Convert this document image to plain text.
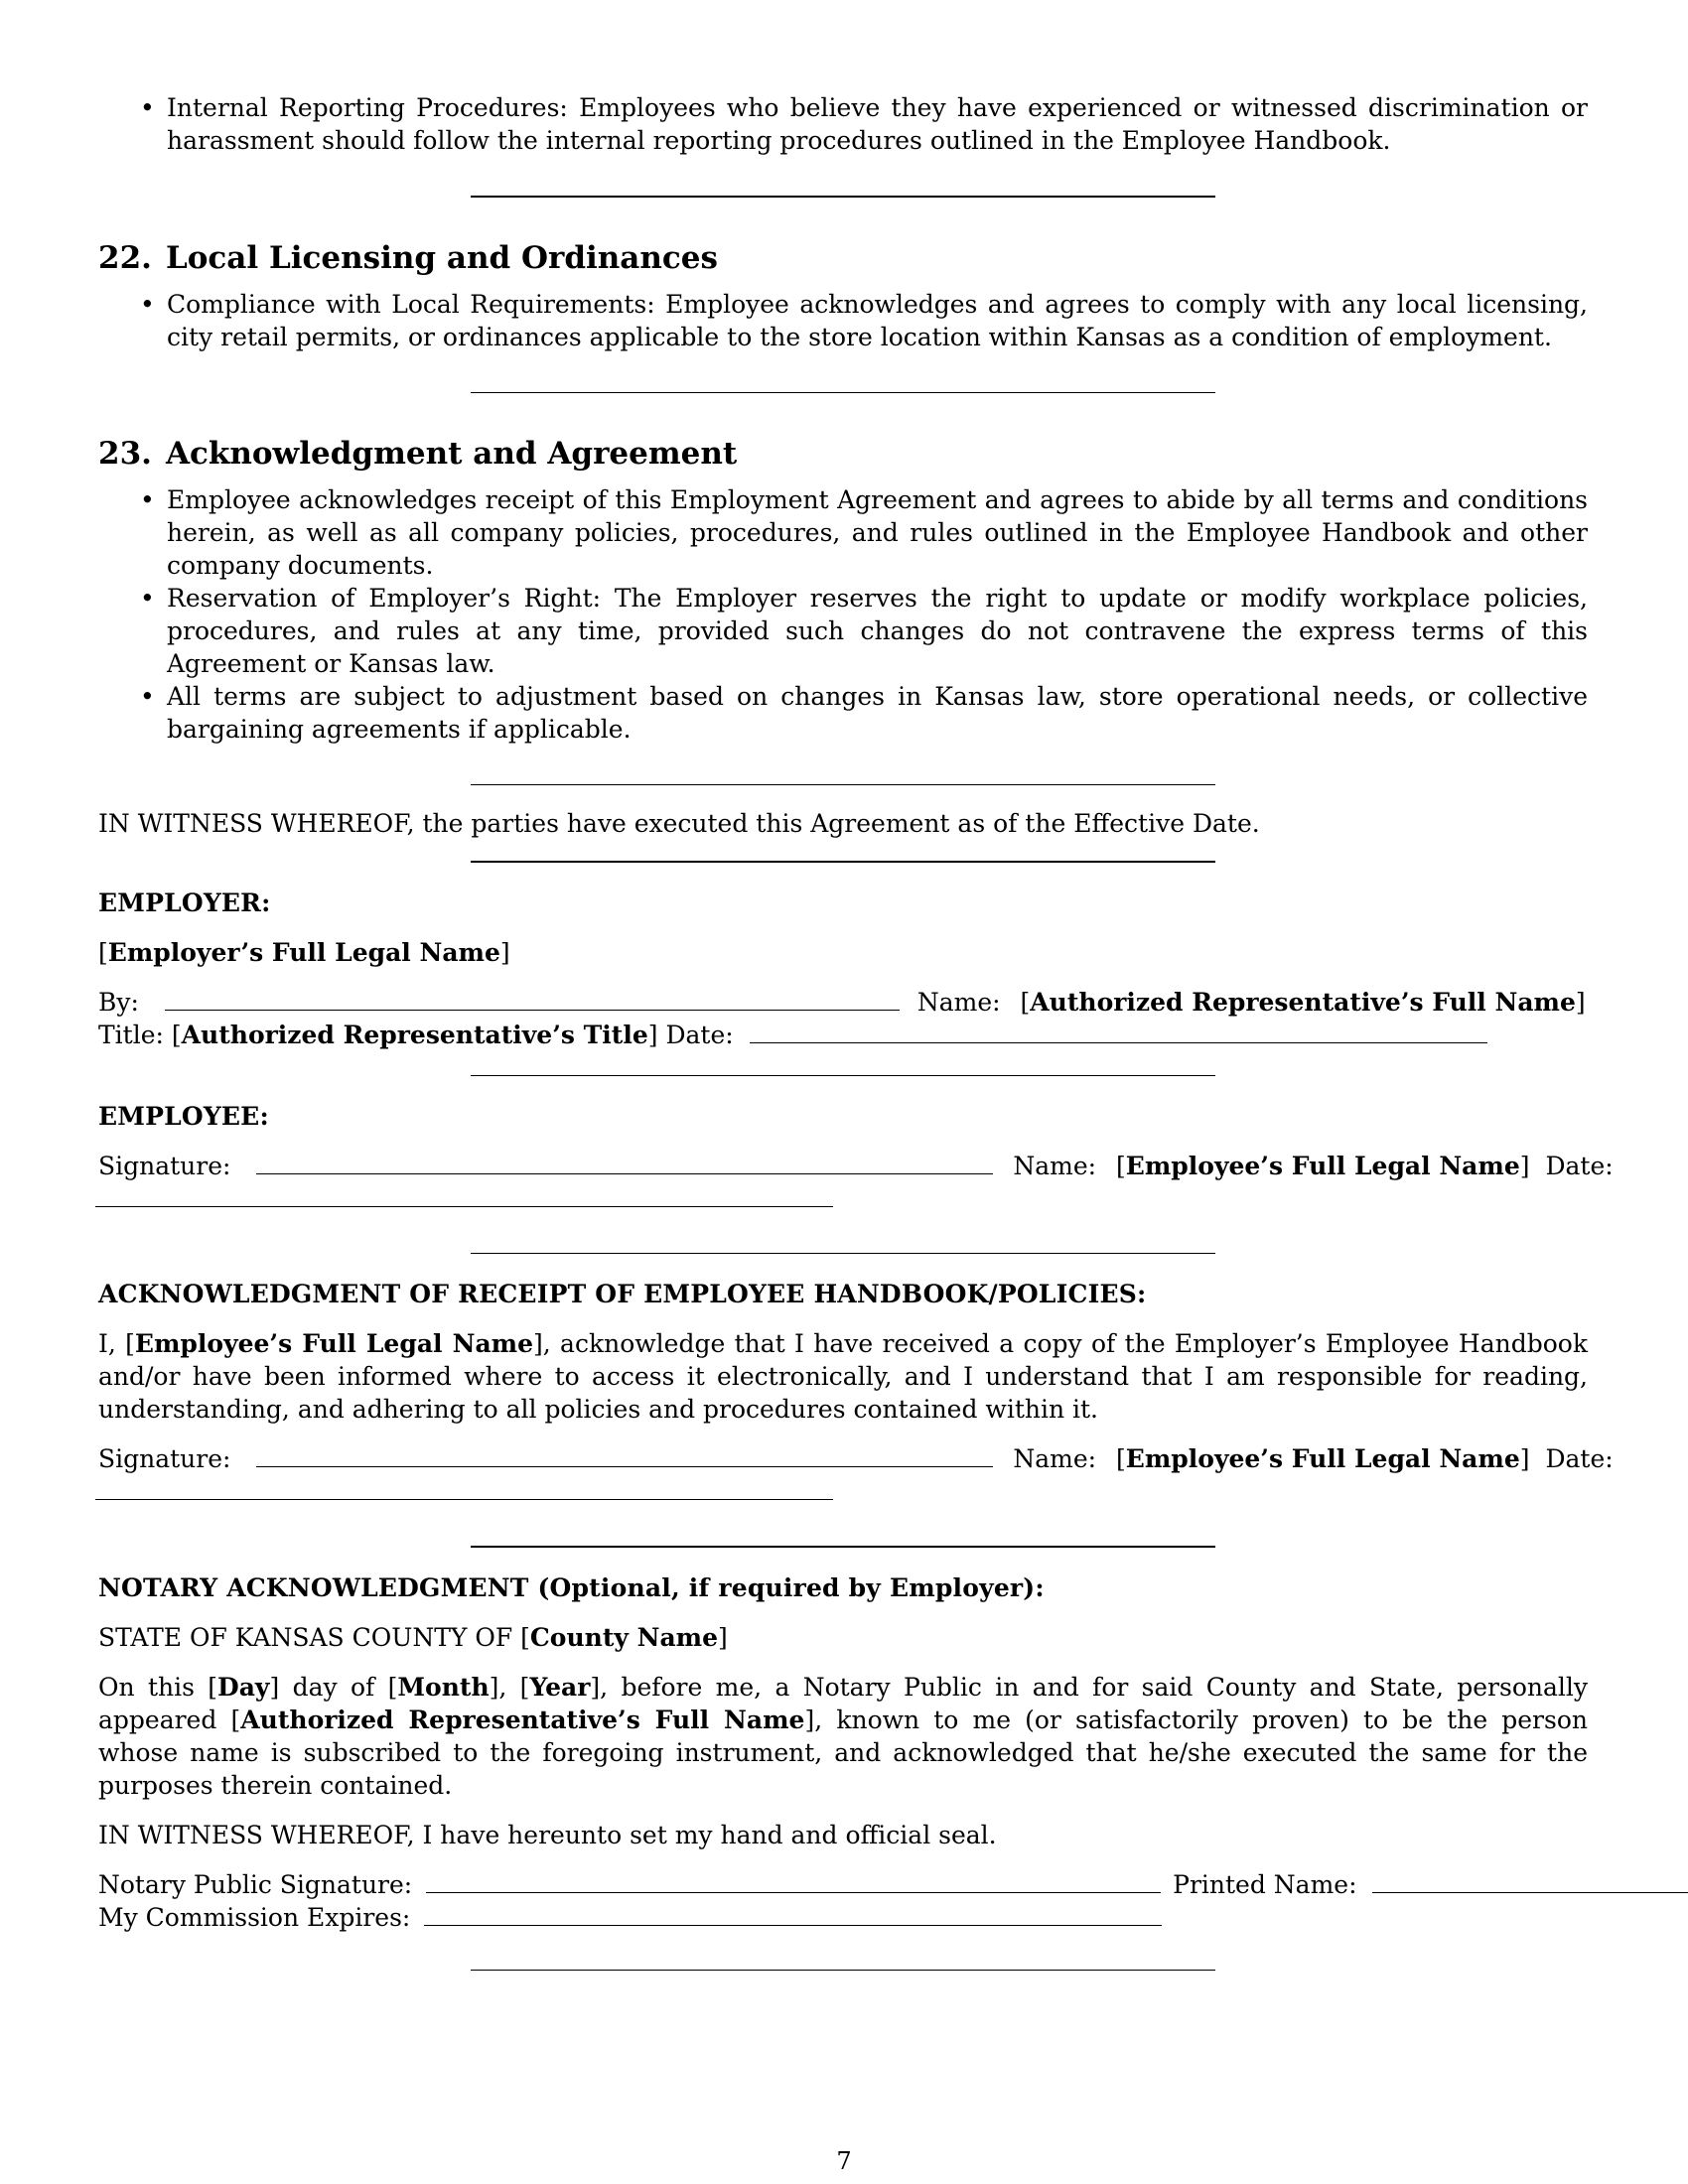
• Internal Reporting Procedures: Employees who believe they have experienced or witnessed discrimination or harassment should follow the internal reporting procedures outlined in the Employee Handbook.
22. Local Licensing and Ordinances
• Compliance with Local Requirements: Employee acknowledges and agrees to comply with any local licensing, city retail permits, or ordinances applicable to the store location within Kansas as a condition of employment.
23. Acknowledgment and Agreement
• Employee acknowledges receipt of this Employment Agreement and agrees to abide by all terms and conditions herein, as well as all company policies, procedures, and rules outlined in the Employee Handbook and other company documents.
• Reservation of Employer’s Right: The Employer reserves the right to update or modify workplace policies, procedures, and rules at any time, provided such changes do not contravene the express terms of this Agreement or Kansas law.
• All terms are subject to adjustment based on changes in Kansas law, store operational needs, or collective bargaining agreements if applicable.

IN WITNESS WHEREOF, the parties have executed this Agreement as of the Effective Date.

EMPLOYER:

[Employer’s Full Legal Name]

By:	Name: [Authorized Representative’s Full Name]

Title: [Authorized Representative’s Title] Date:

EMPLOYEE:

Signature:	Name: [Employee’s Full Legal Name] Date:

ACKNOWLEDGMENT OF RECEIPT OF EMPLOYEE HANDBOOK/POLICIES:

I, [Employee’s Full Legal Name], acknowledge that I have received a copy of the Employer’s Employee Handbook and/or have been informed where to access it electronically, and I understand that I am responsible for reading, understanding, and adhering to all policies and procedures contained within it.

Signature:	Name: [Employee’s Full Legal Name] Date:

NOTARY ACKNOWLEDGMENT (Optional, if required by Employer):

STATE OF KANSAS COUNTY OF [County Name]

On this [Day] day of [Month], [Year], before me, a Notary Public in and for said County and State, personally appeared [Authorized Representative’s Full Name], known to me (or satisfactorily proven) to be the person whose name is subscribed to the foregoing instrument, and acknowledged that he/she executed the same for the purposes therein contained.

IN WITNESS WHEREOF, I have hereunto set my hand and official seal.

Notary Public Signature:	Printed Name:

My Commission Expires:

7
